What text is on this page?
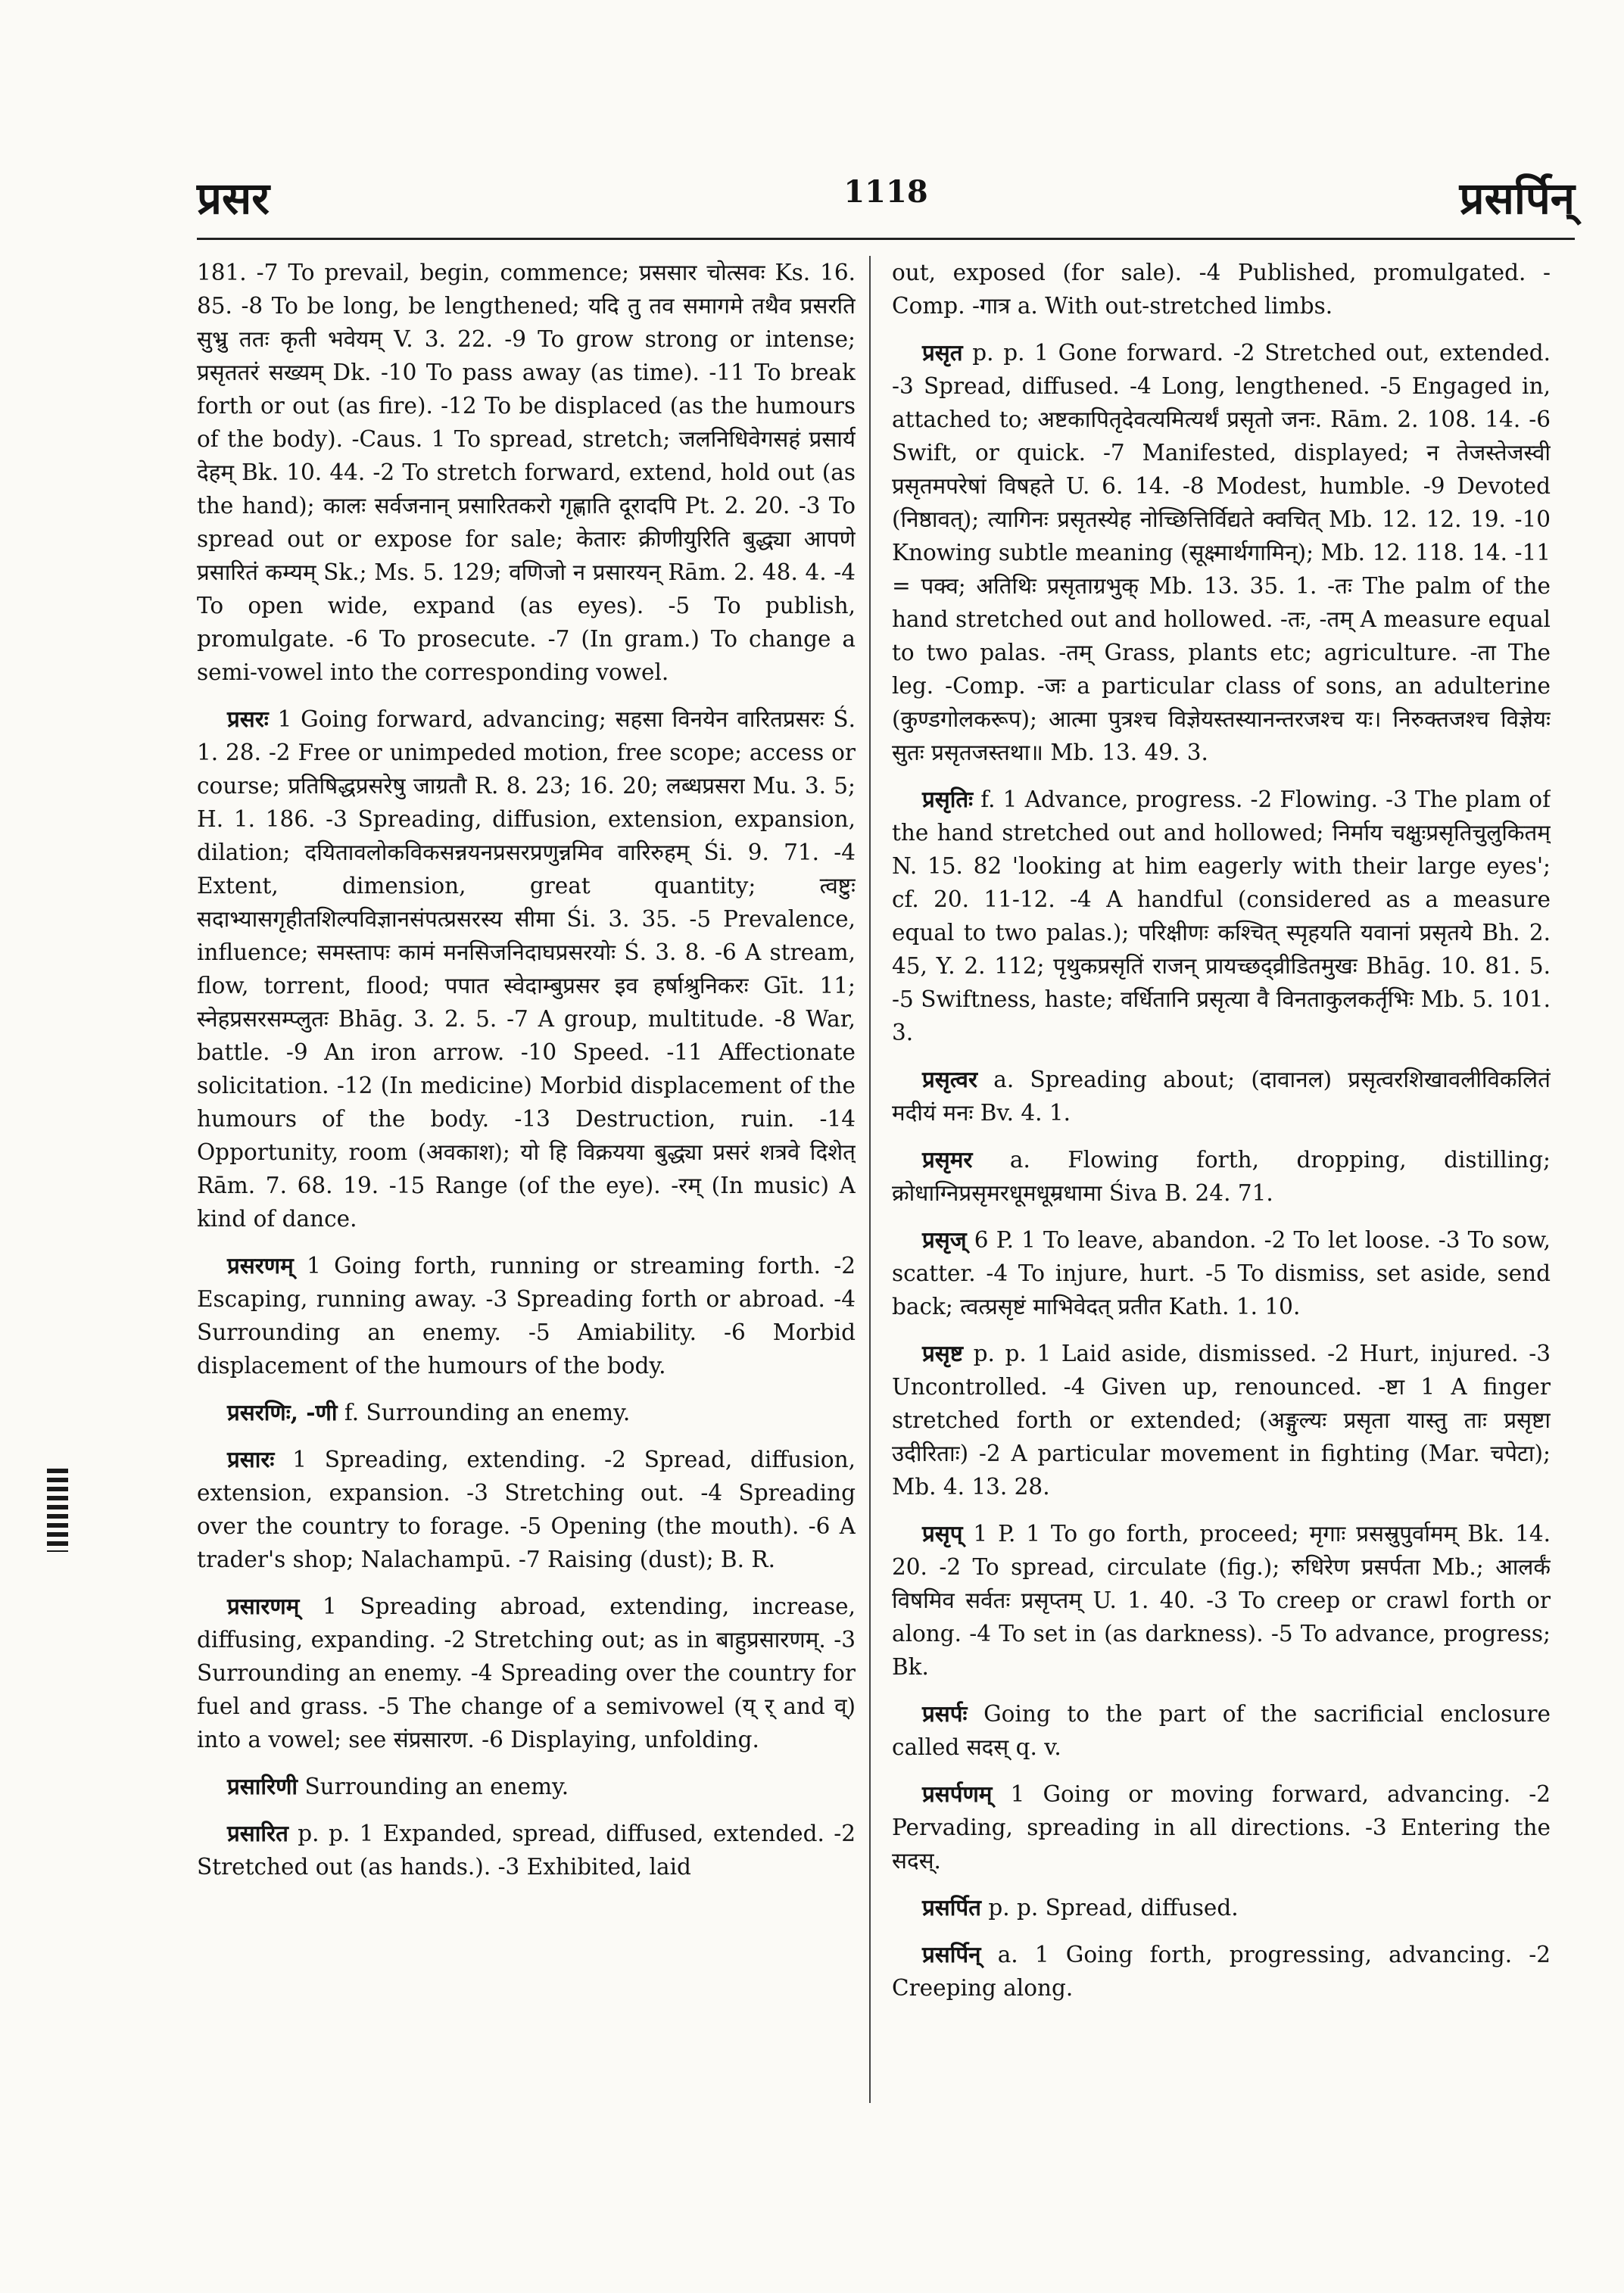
प्रसर	1118	प्रसर्पिन्

181. -7 To prevail, begin, commence; प्रससार चोत्सवः Ks. 16. 85. -8 To be long, be lengthened; यदि तु तव समागमे तथैव प्रसरति सुभ्रु ततः कृती भवेयम् V. 3. 22. -9 To grow strong or intense; प्रसृततरं सख्यम् Dk. -10 To pass away (as time). -11 To break forth or out (as fire). -12 To be displaced (as the humours of the body). -Caus. 1 To spread, stretch; जलनिधिवेगसहं प्रसार्य देहम् Bk. 10. 44. -2 To stretch forward, extend, hold out (as the hand); कालः सर्वजनान् प्रसारितकरो गृह्णाति दूरादपि Pt. 2. 20. -3 To spread out or expose for sale; केतारः क्रीणीयुरिति बुद्ध्या आपणे प्रसारितं कम्यम् Sk.; Ms. 5. 129; वणिजो न प्रसारयन् Rām. 2. 48. 4. -4 To open wide, expand (as eyes). -5 To publish, promulgate. -6 To prosecute. -7 (In gram.) To change a semi-vowel into the corresponding vowel.

प्रसरः 1 Going forward, advancing; सहसा विनयेन वारितप्रसरः Ś. 1. 28. -2 Free or unimpeded motion, free scope; access or course; प्रतिषिद्धप्रसरेषु जाग्रतौ R. 8. 23; 16. 20; लब्धप्रसरा Mu. 3. 5; H. 1. 186. -3 Spreading, diffusion, extension, expansion, dilation; दयितावलोकविकसन्नयनप्रसरप्रणुन्नमिव वारिरुहम् Śi. 9. 71. -4 Extent, dimension, great quantity; त्वष्टुः सदाभ्यासगृहीतशिल्पविज्ञानसंपत्प्रसरस्य सीमा Śi. 3. 35. -5 Prevalence, influence; समस्तापः कामं मनसिजनिदाघप्रसरयोः Ś. 3. 8. -6 A stream, flow, torrent, flood; पपात स्वेदाम्बुप्रसर इव हर्षाश्रुनिकरः Gīt. 11; स्नेहप्रसरसम्प्लुतः Bhāg. 3. 2. 5. -7 A group, multitude. -8 War, battle. -9 An iron arrow. -10 Speed. -11 Affectionate solicitation. -12 (In medicine) Morbid displacement of the humours of the body. -13 Destruction, ruin. -14 Opportunity, room (अवकाश); यो हि विक्रयया बुद्ध्या प्रसरं शत्रवे दिशेत् Rām. 7. 68. 19. -15 Range (of the eye). -रम् (In music) A kind of dance.

प्रसरणम् 1 Going forth, running or streaming forth. -2 Escaping, running away. -3 Spreading forth or abroad. -4 Surrounding an enemy. -5 Amiability. -6 Morbid displacement of the humours of the body.

प्रसरणिः, -णी f. Surrounding an enemy.

प्रसारः 1 Spreading, extending. -2 Spread, diffusion, extension, expansion. -3 Stretching out. -4 Spreading over the country to forage. -5 Opening (the mouth). -6 A trader's shop; Nalachampū. -7 Raising (dust); B. R.

प्रसारणम् 1 Spreading abroad, extending, increase, diffusing, expanding. -2 Stretching out; as in बाहुप्रसारणम्. -3 Surrounding an enemy. -4 Spreading over the country for fuel and grass. -5 The change of a semivowel (य् र् and व्) into a vowel; see संप्रसारण. -6 Displaying, unfolding.

प्रसारिणी Surrounding an enemy.

प्रसारित p. p. 1 Expanded, spread, diffused, extended. -2 Stretched out (as hands.). -3 Exhibited, laid

out, exposed (for sale). -4 Published, promulgated. -Comp. -गात्र a. With out-stretched limbs.

प्रसृत p. p. 1 Gone forward. -2 Stretched out, extended. -3 Spread, diffused. -4 Long, lengthened. -5 Engaged in, attached to; अष्टकापितृदेवत्यमित्यर्थं प्रसृतो जनः. Rām. 2. 108. 14. -6 Swift, or quick. -7 Manifested, displayed; न तेजस्तेजस्वी प्रसृतमपरेषां विषहते U. 6. 14. -8 Modest, humble. -9 Devoted (निष्ठावत्); त्यागिनः प्रसृतस्येह नोच्छित्तिर्विद्यते क्वचित् Mb. 12. 12. 19. -10 Knowing subtle meaning (सूक्ष्मार्थगामिन्); Mb. 12. 118. 14. -11 = पक्व; अतिथिः प्रसृताग्रभुक् Mb. 13. 35. 1. -तः The palm of the hand stretched out and hollowed. -तः, -तम् A measure equal to two palas. -तम् Grass, plants etc; agriculture. -ता The leg. -Comp. -जः a particular class of sons, an adulterine (कुण्डगोलकरूप); आत्मा पुत्रश्च विज्ञेयस्तस्यानन्तरजश्च यः। निरुक्तजश्च विज्ञेयः सुतः प्रसृतजस्तथा॥ Mb. 13. 49. 3.

प्रसृतिः f. 1 Advance, progress. -2 Flowing. -3 The plam of the hand stretched out and hollowed; निर्माय चक्षुःप्रसृतिचुलुकितम् N. 15. 82 'looking at him eagerly with their large eyes'; cf. 20. 11-12. -4 A handful (considered as a measure equal to two palas.); परिक्षीणः कश्चित् स्पृहयति यवानां प्रसृतये Bh. 2. 45, Y. 2. 112; पृथुकप्रसृतिं राजन् प्रायच्छद्व्रीडितमुखः Bhāg. 10. 81. 5. -5 Swiftness, haste; वर्धितानि प्रसृत्या वै विनताकुलकर्तृभिः Mb. 5. 101. 3.

प्रसृत्वर a. Spreading about; (दावानल) प्रसृत्वरशिखावलीविकलितं मदीयं मनः Bv. 4. 1.

प्रसृमर a. Flowing forth, dropping, distilling; क्रोधाग्निप्रसृमरधूमधूम्रधामा Śiva B. 24. 71.

प्रसृज् 6 P. 1 To leave, abandon. -2 To let loose. -3 To sow, scatter. -4 To injure, hurt. -5 To dismiss, set aside, send back; त्वत्प्रसृष्टं माभिवेदत् प्रतीत Kath. 1. 10.

प्रसृष्ट p. p. 1 Laid aside, dismissed. -2 Hurt, injured. -3 Uncontrolled. -4 Given up, renounced. -ष्टा 1 A finger stretched forth or extended; (अङ्गुल्यः प्रसृता यास्तु ताः प्रसृष्टा उदीरिताः) -2 A particular movement in fighting (Mar. चपेटा); Mb. 4. 13. 28.

प्रसृप् 1 P. 1 To go forth, proceed; मृगाः प्रसस्रुपुर्वामम् Bk. 14. 20. -2 To spread, circulate (fig.); रुधिरेण प्रसर्पता Mb.; आलर्कं विषमिव सर्वतः प्रसृप्तम् U. 1. 40. -3 To creep or crawl forth or along. -4 To set in (as darkness). -5 To advance, progress; Bk.

प्रसर्पः Going to the part of the sacrificial enclosure called सदस् q. v.

प्रसर्पणम् 1 Going or moving forward, advancing. -2 Pervading, spreading in all directions. -3 Entering the सदस्.

प्रसर्पित p. p. Spread, diffused.

प्रसर्पिन् a. 1 Going forth, progressing, advancing. -2 Creeping along.
